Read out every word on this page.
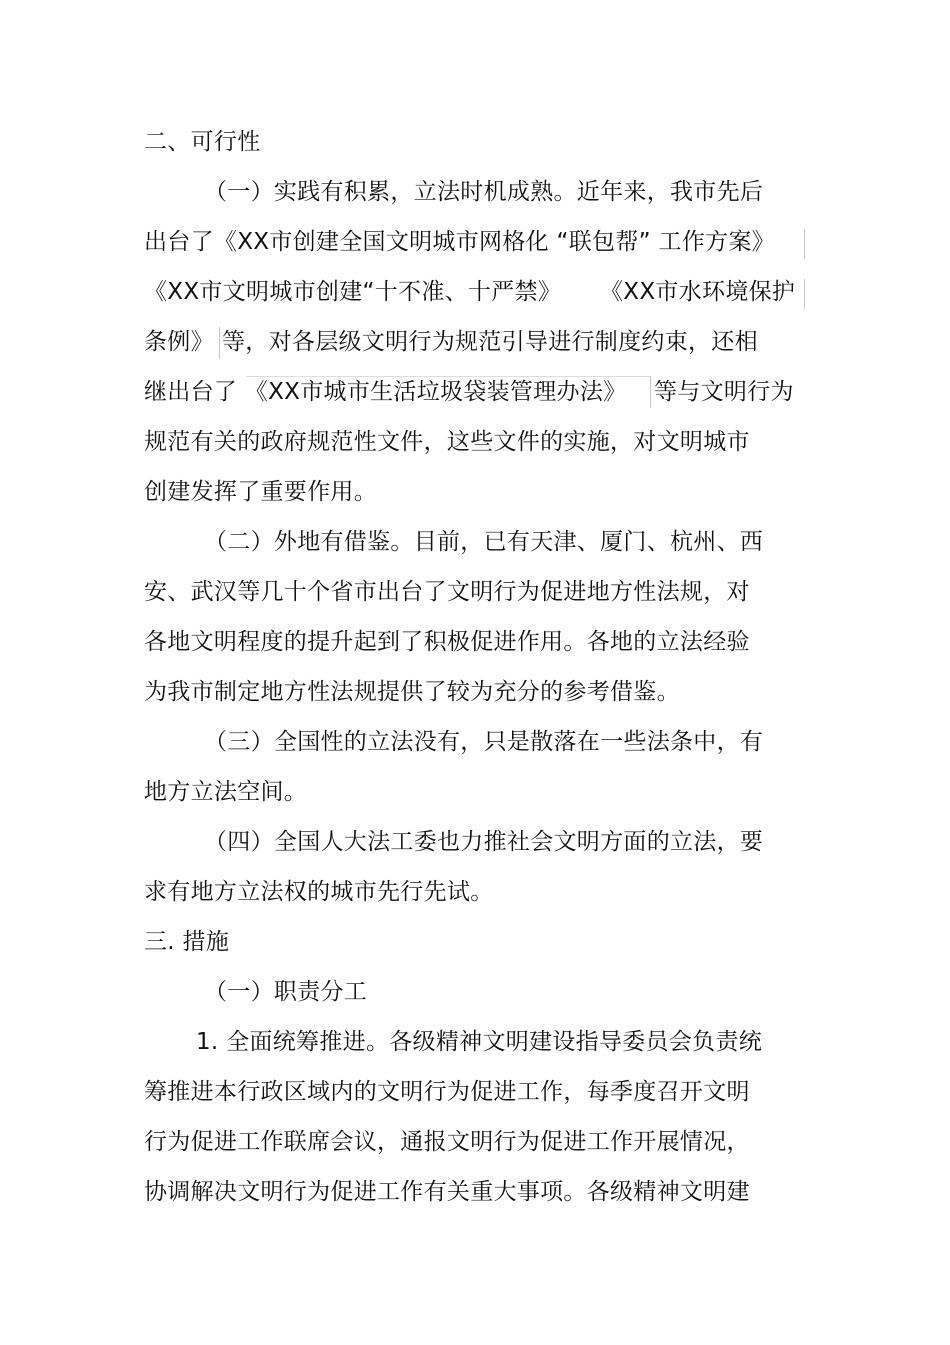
二、可行性
（一）实践有积累，立法时机成熟。近年来，我市先后
出台了《XX市创建全国文明城市网格化 “联包帮” 工作方案》
《XX市文明城市创建“十不准、十严禁》 《XX市水环境保护
条例》 等，对各层级文明行为规范引导进行制度约束，还相
继出台了 《XX市城市生活垃圾袋装管理办法》 等与文明行为
规范有关的政府规范性文件，这些文件的实施，对文明城市
创建发挥了重要作用。
（二）外地有借鉴。目前，已有天津、厦门、杭州、西
安、武汉等几十个省市出台了文明行为促进地方性法规，对
各地文明程度的提升起到了积极促进作用。各地的立法经验
为我市制定地方性法规提供了较为充分的参考借鉴。
（三）全国性的立法没有，只是散落在一些法条中，有
地方立法空间。
（四）全国人大法工委也力推社会文明方面的立法，要
求有地方立法权的城市先行先试。
三. 措施
（一）职责分工
1. 全面统筹推进。各级精神文明建设指导委员会负责统
筹推进本行政区域内的文明行为促进工作，每季度召开文明
行为促进工作联席会议，通报文明行为促进工作开展情况，
协调解决文明行为促进工作有关重大事项。各级精神文明建
